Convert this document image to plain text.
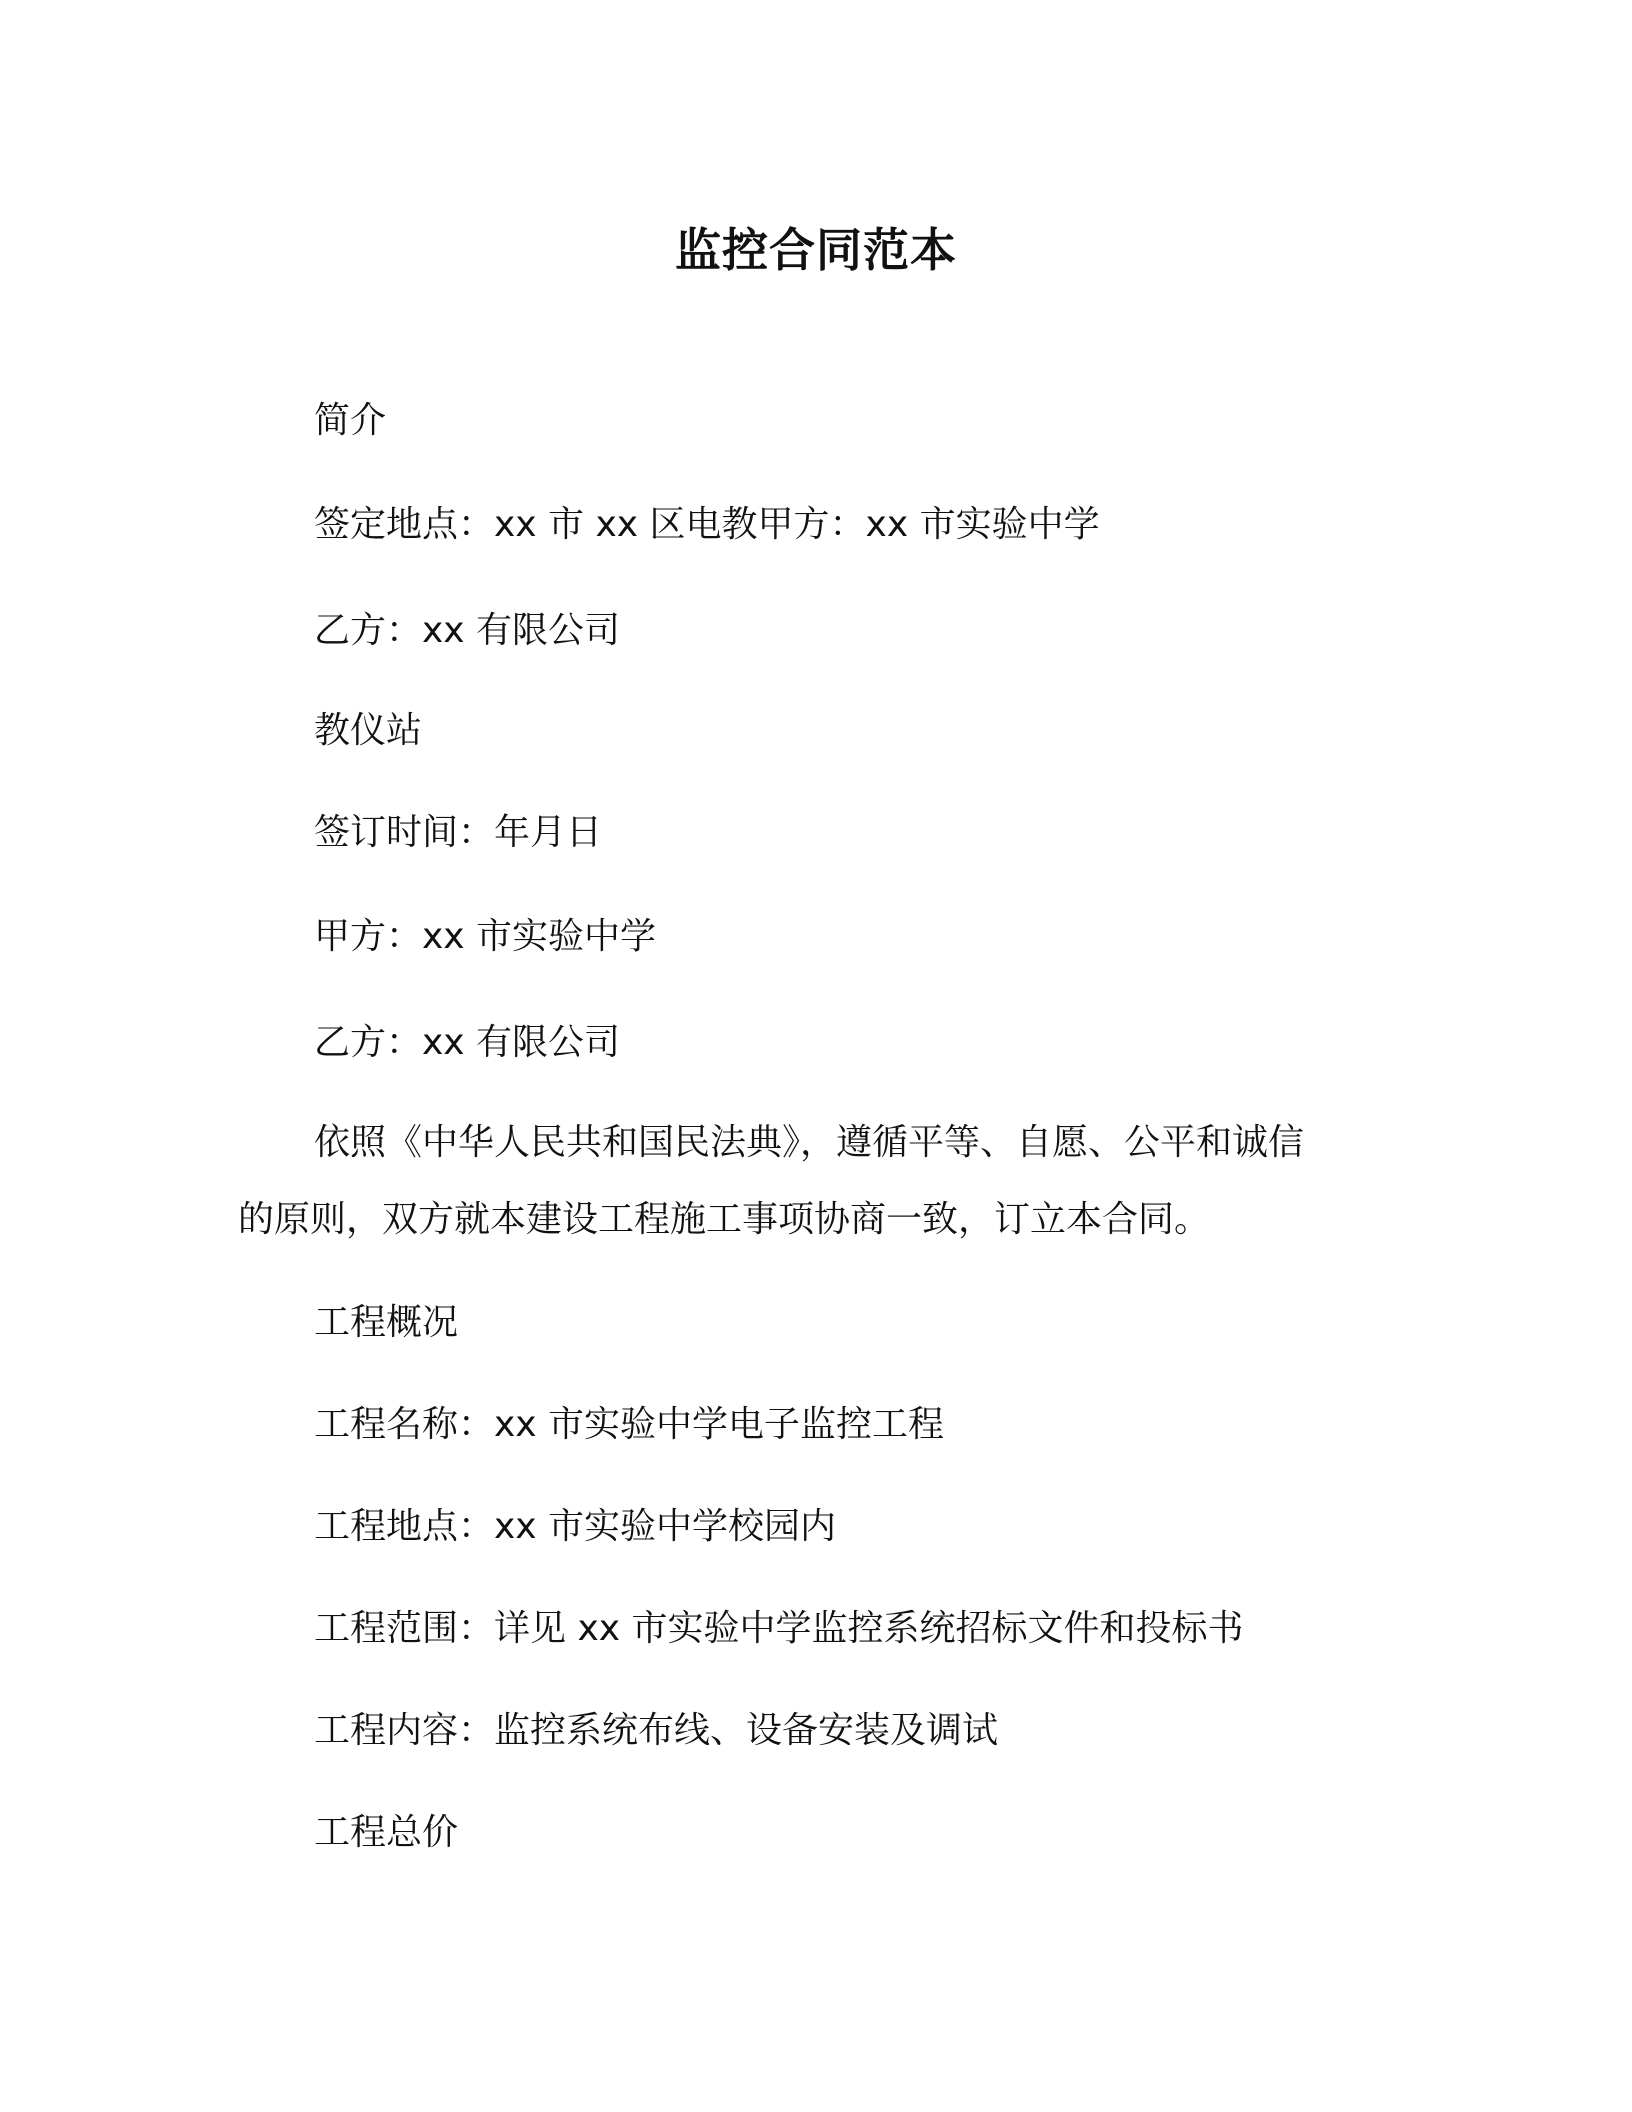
监控合同范本
简介
签定地点：xx 市 xx 区电教甲方：xx 市实验中学
乙方：xx 有限公司
教仪站
签订时间：年月日
甲方：xx 市实验中学
乙方：xx 有限公司
依照《中华人民共和国民法典》，遵循平等、自愿、公平和诚信
的原则，双方就本建设工程施工事项协商一致，订立本合同。
工程概况
工程名称：xx 市实验中学电子监控工程
工程地点：xx 市实验中学校园内
工程范围：详见 xx 市实验中学监控系统招标文件和投标书
工程内容：监控系统布线、设备安装及调试
工程总价
